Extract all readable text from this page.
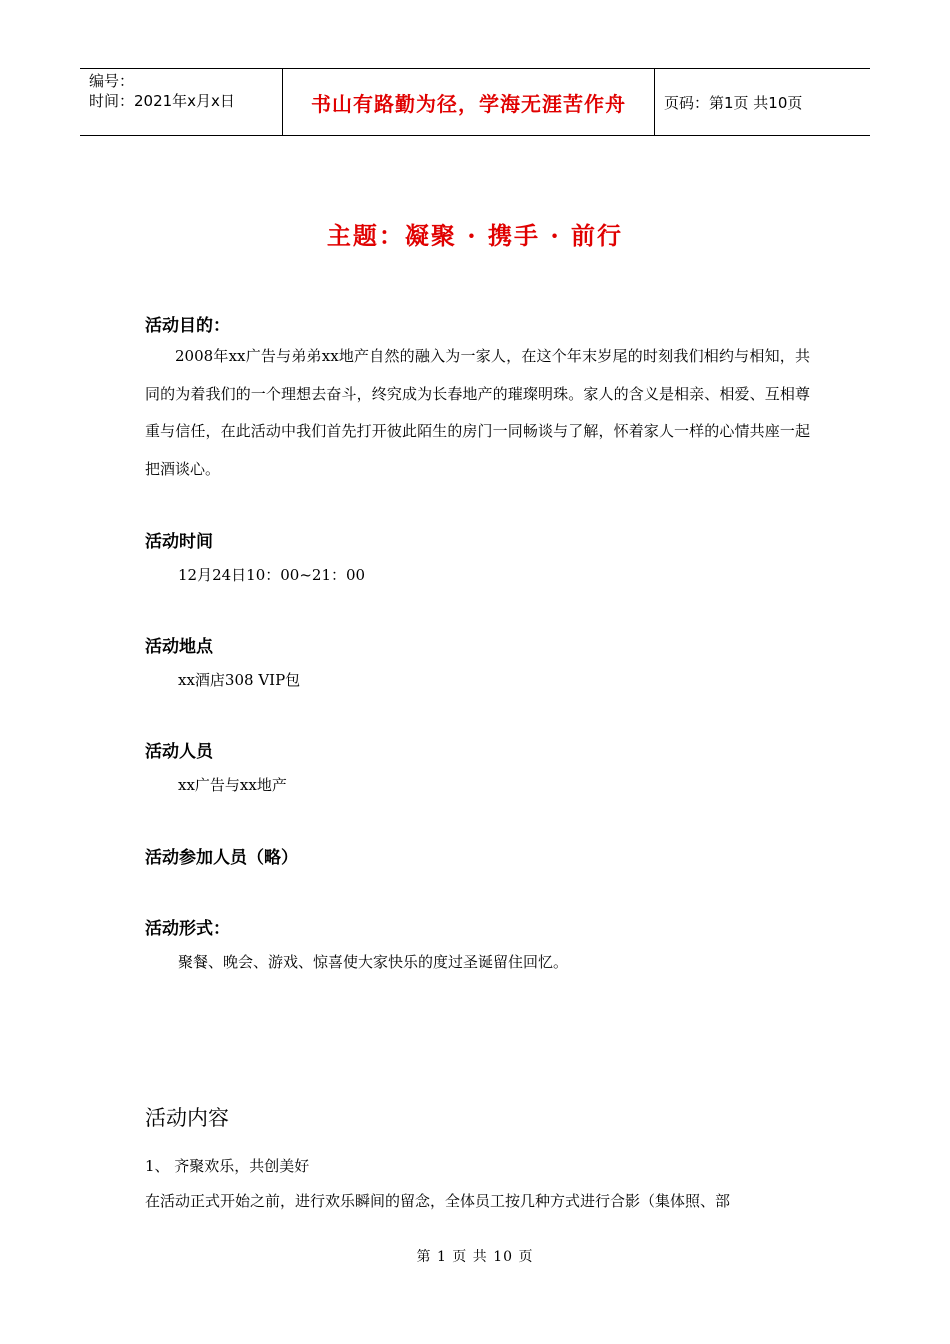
编号：
时间：2021年x月x日	书山有路勤为径，学海无涯苦作舟	页码：第1页 共10页
主题：凝聚 · 携手 · 前行
活动目的：
2008年xx广告与弟弟xx地产自然的融入为一家人，在这个年末岁尾的时刻我们相约与相知，共同的为着我们的一个理想去奋斗，终究成为长春地产的璀璨明珠。家人的含义是相亲、相爱、互相尊重与信任，在此活动中我们首先打开彼此陌生的房门一同畅谈与了解，怀着家人一样的心情共座一起把酒谈心。
活动时间
12月24日10：00~21：00
活动地点
xx酒店308 VIP包
活动人员
xx广告与xx地产
活动参加人员（略）
活动形式：
聚餐、晚会、游戏、惊喜使大家快乐的度过圣诞留住回忆。
活动内容
1、 齐聚欢乐，共创美好
在活动正式开始之前，进行欢乐瞬间的留念，全体员工按几种方式进行合影（集体照、部
第 1 页 共 10 页
